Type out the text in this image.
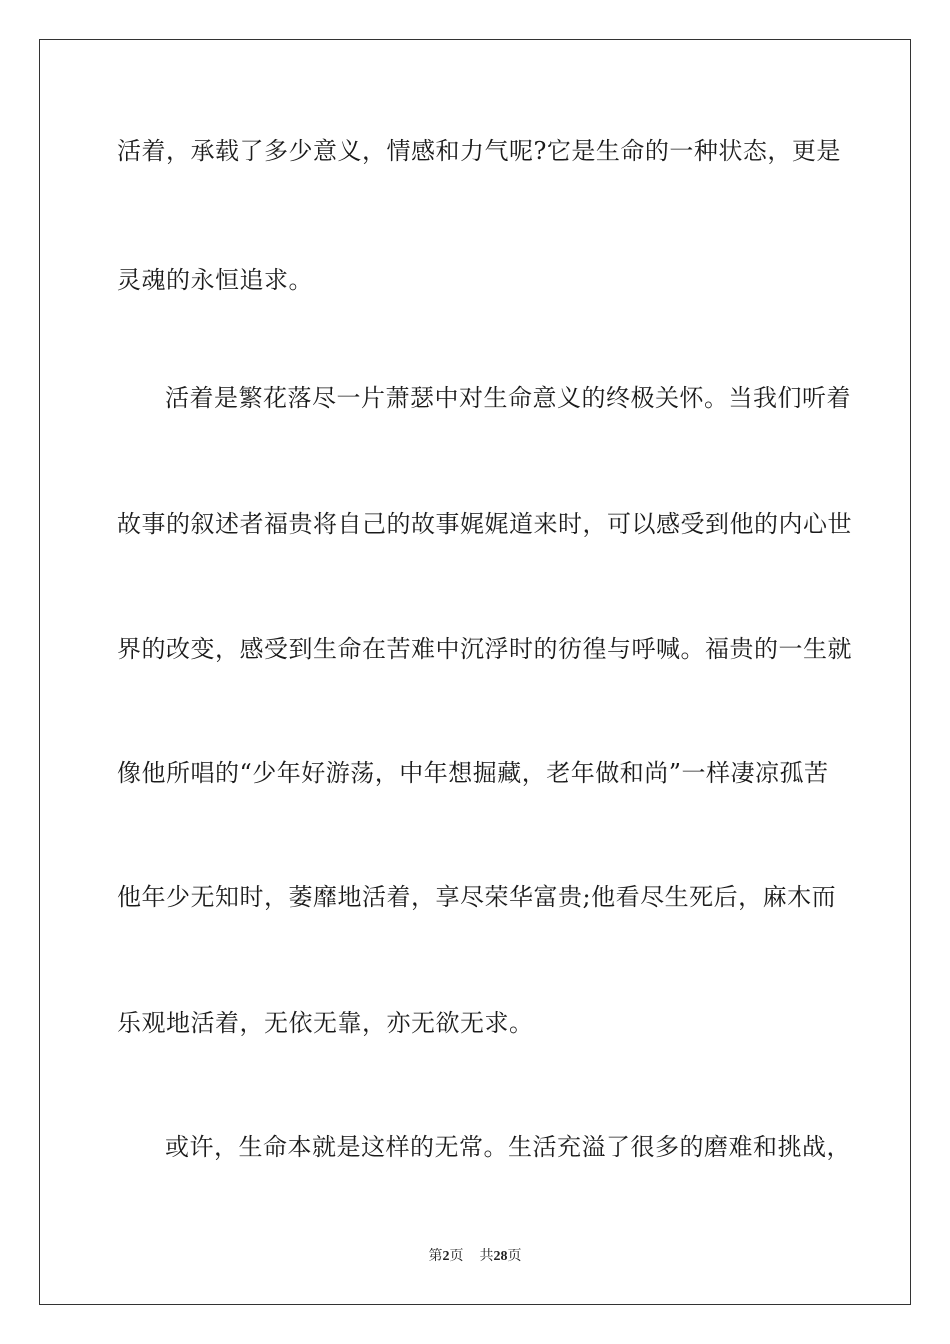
活着，承载了多少意义，情感和力气呢?它是生命的一种状态，更是
灵魂的永恒追求。
活着是繁花落尽一片萧瑟中对生命意义的终极关怀。当我们听着
故事的叙述者福贵将自己的故事娓娓道来时，可以感受到他的内心世
界的改变，感受到生命在苦难中沉浮时的彷徨与呼喊。福贵的一生就
像他所唱的“少年好游荡，中年想掘藏，老年做和尚”一样凄凉孤苦
他年少无知时，萎靡地活着，享尽荣华富贵;他看尽生死后，麻木而
乐观地活着，无依无靠，亦无欲无求。
或许，生命本就是这样的无常。生活充溢了很多的磨难和挑战，
第2页 共28页
